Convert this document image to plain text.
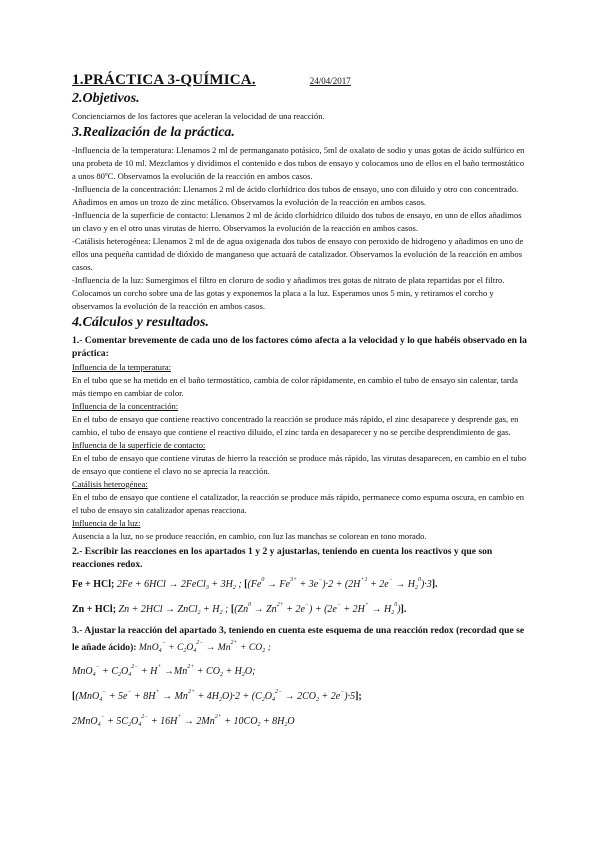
1.PRÁCTICA 3-QUÍMICA.	24/04/2017
2.Objetivos.

Concienciarnos de los factores que aceleran la velocidad de una reacción.

3.Realización de la práctica.

-Influencia de la temperatura: Llenamos 2 ml de permanganato potásico, 5ml de oxalato de sodio y unas gotas de ácido sulfúrico en una probeta de 10 ml. Mezclamos y dividimos el contenido e dos tubos de ensayo y colocamos uno de ellos en el baño termostático a unos 80ºC. Observamos la evolución de la reacción en ambos casos.

-Influencia de la concentración: Llenamos 2 ml de ácido clorhídrico dos tubos de ensayo, uno con diluido y otro con concentrado. Añadimos en amos un trozo de zinc metálico. Observamos la evolución de la reacción en ambos casos.

-Influencia de la superficie de contacto: Llenamos 2 ml de ácido clorhídrico diluido dos tubos de ensayo, en uno de ellos añadimos un clavo y en el otro unas virutas de hierro. Observamos la evolución de la reacción en ambos casos.

-Catálisis heterogénea: Llenamos 2 ml de de agua oxigenada dos tubos de ensayo con peroxido de hidrogeno y añadimos en uno de ellos una pequeña cantidad de dióxido de manganeso que actuará de catalizador. Observamos la evolución de la reacción en ambos casos.

-Influencia de la luz: Sumergimos el filtro en cloruro de sodio y añadimos tres gotas de nitrato de plata repartidas por el filtro. Colocamos un corcho sobre una de las gotas y exponemos la placa a la luz. Esperamos unos 5 min, y retiramos el corcho y observamos la evolución de la reacción en ambos casos.

4.Cálculos y resultados.

1.- Comentar brevemente de cada uno de los factores cómo afecta a la velocidad y lo que habéis observado en la práctica:

Influencia de la temperatura:

En el tubo que se ha metido en el baño termostático, cambia de color rápidamente, en cambio el tubo de ensayo sin calentar, tarda más tiempo en cambiar de color.

Influencia de la concentración:

En el tubo de ensayo que contiene reactivo concentrado la reacción se produce más rápido, el zinc desaparece y desprende gas, en cambio, el tubo de ensayo que contiene el reactivo diluido, el zinc tarda en desaparecer y no se percibe desprendimiento de gas.

Influencia de la superficie de contacto:

En el tubo de ensayo que contiene virutas de hierro la reacción se produce más rápido, las virutas desaparecen, en cambio en el tubo de ensayo que contiene el clavo no se aprecia la reacción.

Catálisis heterogénea:

En el tubo de ensayo que contiene el catalizador, la reacción se produce más rápido, permanece como espuma oscura, en cambio en el tubo de ensayo sin catalizador apenas reacciona.

Influencia de la luz:

Ausencia a la luz, no se produce reacción, en cambio, con luz las manchas se colorean en tono morado.

2.- Escribir las reacciones en los apartados 1 y 2 y ajustarlas, teniendo en cuenta los reactivos y que son reacciones redox.

Fe + HCl; 2Fe + 6HCl → 2FeCl$_3$ + $3H_2$ ; $[(Fe^0 \to Fe^{3+} + 3e^-)\cdot 2 + (2H^{+1} + 2e^- \to H_2^0)\cdot 3]$.
Zn + HCl; Zn + 2HCl → ZnCl$_2$ + $H_2$ ; $[(Zn^0 \to Zn^{2+} + 2e^-) + (2e^- + 2H^+ \to H_2^0)]$.

3.- Ajustar la reacción del apartado 3, teniendo en cuenta este esquema de una reacción redox (recordad que se le añade ácido): $MnO_4^- + C_2O_4^{2-} \to Mn^{2+} + CO_2$ ;

$MnO_4^- + C_2O_4^{2-} + H^+ \to Mn^{2+} + CO_2 + H_2O$;
$[(MnO_4^- + 5e^- + 8H^+ \to Mn^{2+} + 4H_2O)\cdot 2 + (C_2O_4^{2-} \to 2CO_2 + 2e^-)\cdot 5]$;
$2MnO_4^- + 5C_2O_4^{2-} + 16H^+ \to 2Mn^{2+} + 10CO_2 + 8H_2O$
